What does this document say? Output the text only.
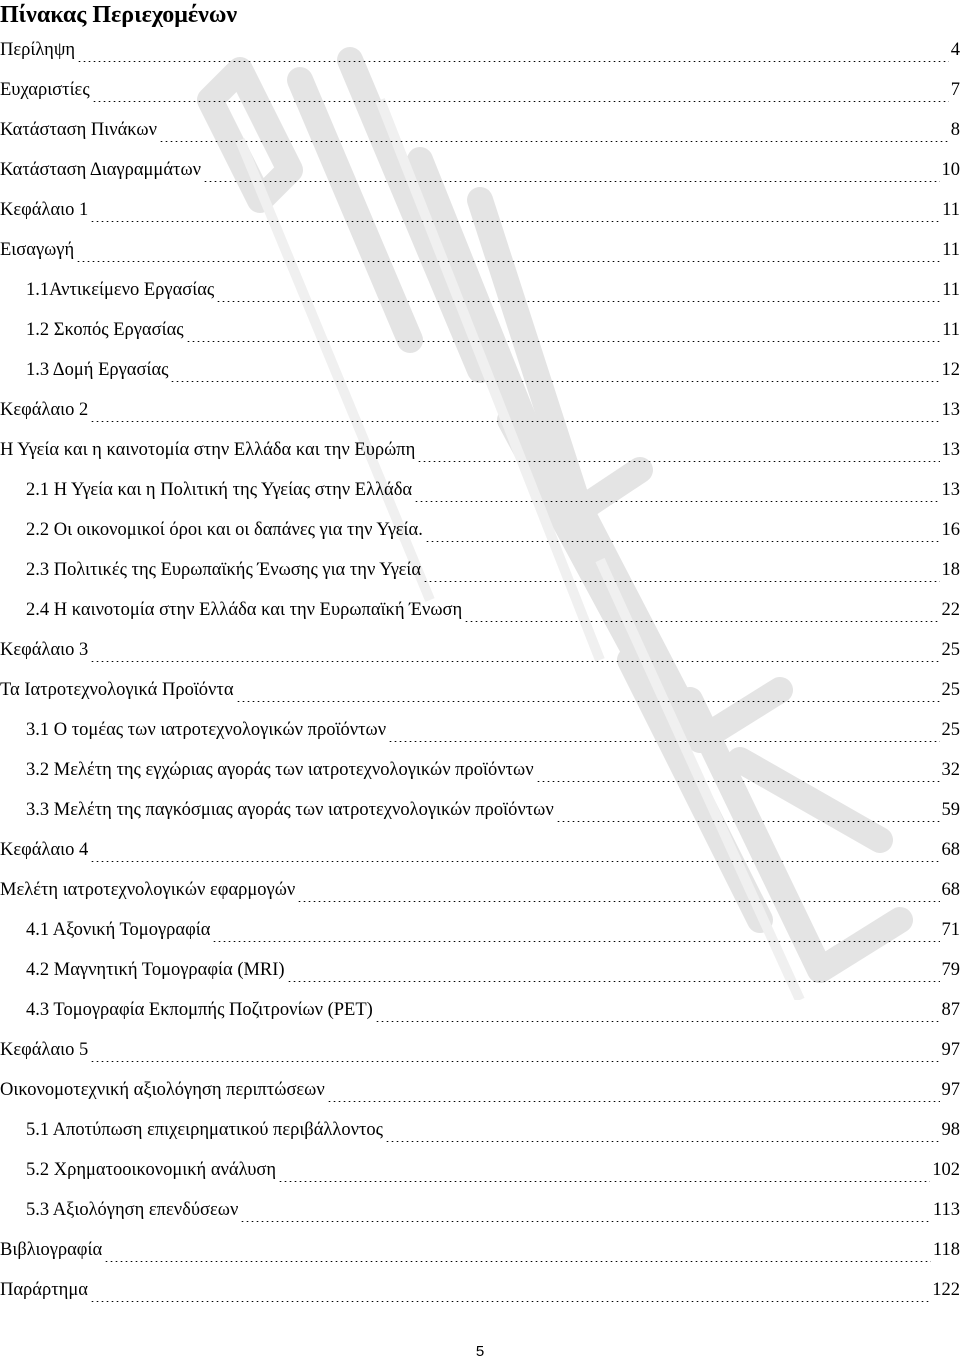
Πίνακας Περιεχομένων
Περίληψη	4
Ευχαριστίες	7
Κατάσταση Πινάκων	8
Κατάσταση Διαγραμμάτων	10
Κεφάλαιο 1	11
Εισαγωγή	11
1.1Αντικείμενο Εργασίας	11
1.2 Σκοπός Εργασίας	11
1.3 Δομή Εργασίας	12
Κεφάλαιο 2	13
Η Υγεία και η καινοτομία στην Ελλάδα και την Ευρώπη	13
2.1 Η Υγεία και η Πολιτική της Υγείας στην Ελλάδα	13
2.2 Οι οικονομικοί όροι και οι δαπάνες για την Υγεία.	16
2.3 Πολιτικές της Ευρωπαϊκής Ένωσης για την Υγεία	18
2.4 Η καινοτομία στην Ελλάδα και την Ευρωπαϊκή Ένωση	22
Κεφάλαιο 3	25
Τα Ιατροτεχνολογικά Προϊόντα	25
3.1 Ο τομέας των ιατροτεχνολογικών προϊόντων	25
3.2 Μελέτη της εγχώριας αγοράς των ιατροτεχνολογικών προϊόντων	32
3.3 Μελέτη της παγκόσμιας αγοράς των ιατροτεχνολογικών προϊόντων	59
Κεφάλαιο 4	68
Μελέτη ιατροτεχνολογικών εφαρμογών	68
4.1 Αξονική Τομογραφία	71
4.2 Μαγνητική Τομογραφία (MRI)	79
4.3 Τομογραφία Εκπομπής Ποζιτρονίων (PET)	87
Κεφάλαιο 5	97
Οικονομοτεχνική αξιολόγηση περιπτώσεων	97
5.1 Αποτύπωση επιχειρηματικού περιβάλλοντος	98
5.2 Χρηματοοικονομική ανάλυση	102
5.3 Αξιολόγηση επενδύσεων	113
Βιβλιογραφία	118
Παράρτημα	122
5
